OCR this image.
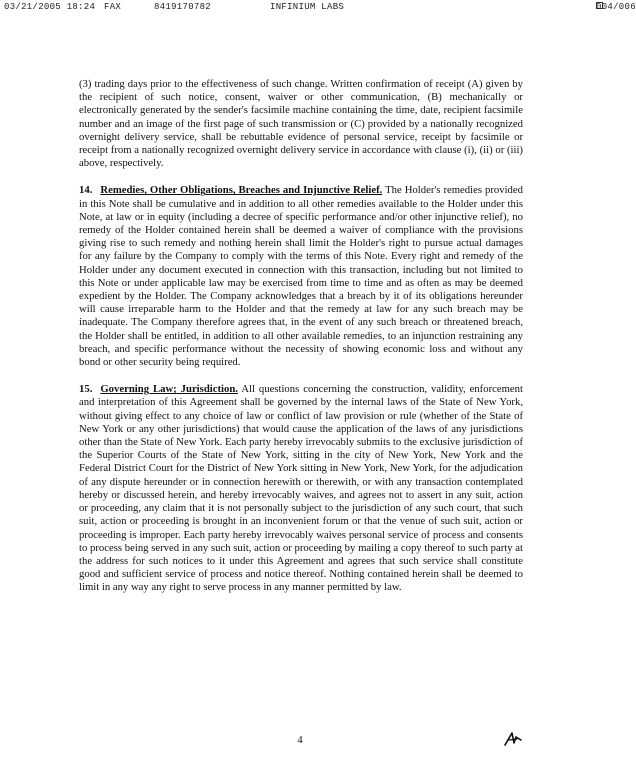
03/21/2005 18:24 FAX	8419170782	INFINIUM LABS	004/006

(3) trading days prior to the effectiveness of such change. Written confirmation of receipt (A) given by the recipient of such notice, consent, waiver or other communication, (B) mechanically or electronically generated by the sender's facsimile machine containing the time, date, recipient facsimile number and an image of the first page of such transmission or (C) provided by a nationally recognized overnight delivery service, shall be rebuttable evidence of personal service, receipt by facsimile or receipt from a nationally recognized overnight delivery service in accordance with clause (i), (ii) or (iii) above, respectively.

14. Remedies, Other Obligations, Breaches and Injunctive Relief. The Holder's remedies provided in this Note shall be cumulative and in addition to all other remedies available to the Holder under this Note, at law or in equity (including a decree of specific performance and/or other injunctive relief), no remedy of the Holder contained herein shall be deemed a waiver of compliance with the provisions giving rise to such remedy and nothing herein shall limit the Holder's right to pursue actual damages for any failure by the Company to comply with the terms of this Note. Every right and remedy of the Holder under any document executed in connection with this transaction, including but not limited to this Note or under applicable law may be exercised from time to time and as often as may be deemed expedient by the Holder. The Company acknowledges that a breach by it of its obligations hereunder will cause irreparable harm to the Holder and that the remedy at law for any such breach may be inadequate. The Company therefore agrees that, in the event of any such breach or threatened breach, the Holder shall be entitled, in addition to all other available remedies, to an injunction restraining any breach, and specific performance without the necessity of showing economic loss and without any bond or other security being required.

15. Governing Law; Jurisdiction. All questions concerning the construction, validity, enforcement and interpretation of this Agreement shall be governed by the internal laws of the State of New York, without giving effect to any choice of law or conflict of law provision or rule (whether of the State of New York or any other jurisdictions) that would cause the application of the laws of any jurisdictions other than the State of New York. Each party hereby irrevocably submits to the exclusive jurisdiction of the Superior Courts of the State of New York, sitting in the city of New York, New York and the Federal District Court for the District of New York sitting in New York, New York, for the adjudication of any dispute hereunder or in connection herewith or therewith, or with any transaction contemplated hereby or discussed herein, and hereby irrevocably waives, and agrees not to assert in any suit, action or proceeding, any claim that it is not personally subject to the jurisdiction of any such court, that such suit, action or proceeding is brought in an inconvenient forum or that the venue of such suit, action or proceeding is improper. Each party hereby irrevocably waives personal service of process and consents to process being served in any such suit, action or proceeding by mailing a copy thereof to such party at the address for such notices to it under this Agreement and agrees that such service shall constitute good and sufficient service of process and notice thereof. Nothing contained herein shall be deemed to limit in any way any right to serve process in any manner permitted by law.

4
